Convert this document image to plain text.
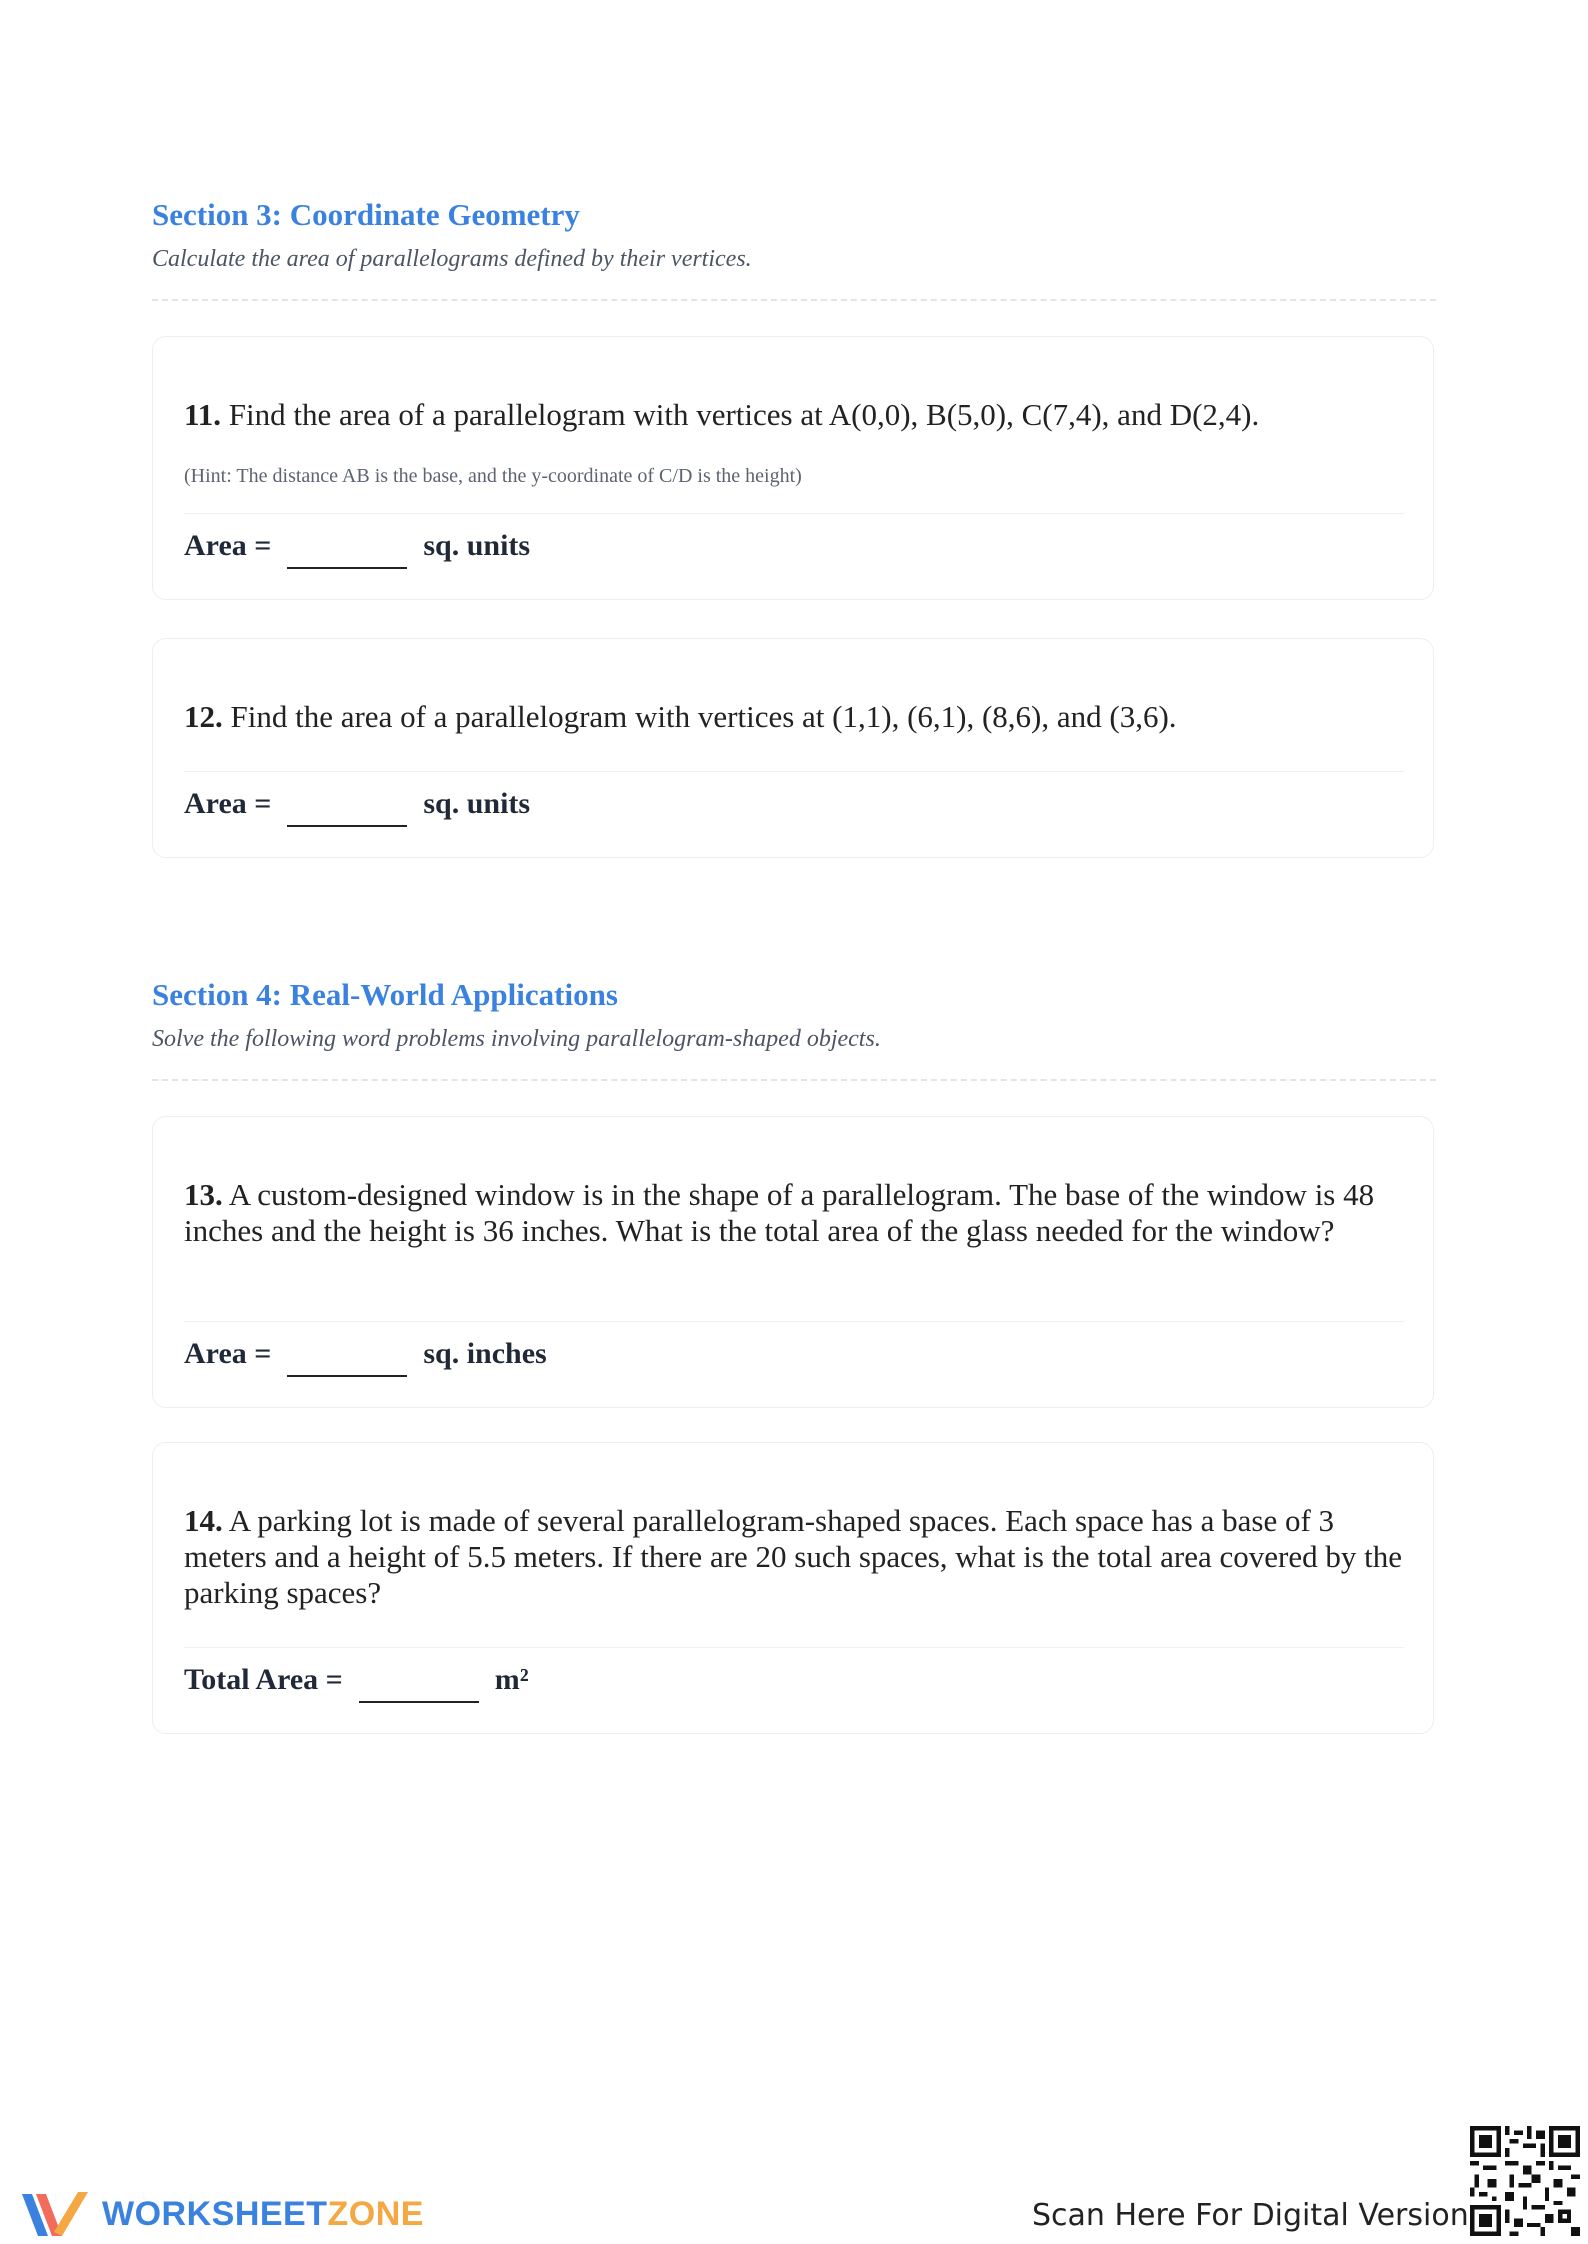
Section 3: Coordinate Geometry

Calculate the area of parallelograms defined by their vertices.

11. Find the area of a parallelogram with vertices at A(0,0), B(5,0), C(7,4), and D(2,4).
(Hint: The distance AB is the base, and the y-coordinate of C/D is the height)
Area =	sq. units
12. Find the area of a parallelogram with vertices at (1,1), (6,1), (8,6), and (3,6).
Area =	sq. units
Section 4: Real-World Applications

Solve the following word problems involving parallelogram-shaped objects.

13. A custom-designed window is in the shape of a parallelogram. The base of the window is 48 inches and the height is 36 inches. What is the total area of the glass needed for the window?
Area =	sq. inches
14. A parking lot is made of several parallelogram-shaped spaces. Each space has a base of 3 meters and a height of 5.5 meters. If there are 20 such spaces, what is the total area covered by the parking spaces?
Total Area =	m²
WORKSHEETZONE	Scan Here For Digital Version
